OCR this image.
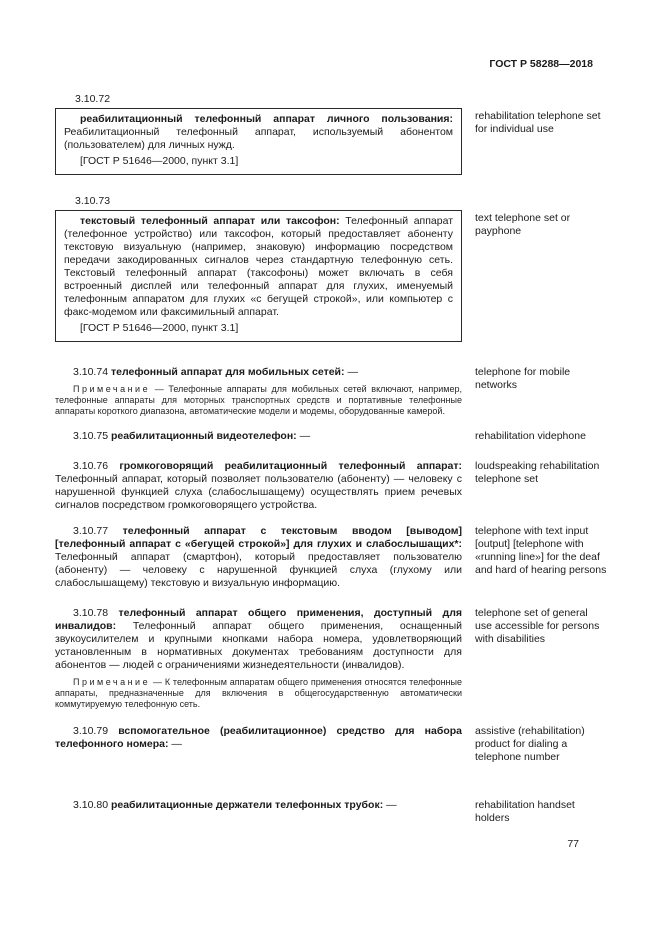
ГОСТ Р 58288—2018
3.10.72

реабилитационный телефонный аппарат личного пользования: Реабилитационный телефонный аппарат, используемый абонентом (пользователем) для личных нужд.

[ГОСТ Р 51646—2000, пункт 3.1]

rehabilitation telephone set for individual use
3.10.73

текстовый телефонный аппарат или таксофон: Телефонный аппарат (телефонное устройство) или таксофон, который предоставляет абоненту текстовую визуальную (например, знаковую) информацию посредством передачи закодированных сигналов через стандартную телефонную сеть. Текстовый телефонный аппарат (таксофоны) может включать в себя встроенный дисплей или телефонный аппарат для глухих, именуемый телефонным аппаратом для глухих «с бегущей строкой», или компьютер с факс-модемом или факсимильный аппарат.

[ГОСТ Р 51646—2000, пункт 3.1]

text telephone set or payphone

3.10.74 телефонный аппарат для мобильных сетей: —

Примечание — Телефонные аппараты для мобильных сетей включают, например, телефонные аппараты для моторных транспортных средств и портативные телефонные аппараты короткого диапазона, автоматические модели и модемы, оборудованные камерой.

telephone for mobile networks

3.10.75 реабилитационный видеотелефон: —	rehabilitation videphone

3.10.76 громкоговорящий реабилитационный телефонный аппарат: Телефонный аппарат, который позволяет пользователю (абоненту) — человеку с нарушенной функцией слуха (слабослышащему) осуществлять прием речевых сигналов посредством громкоговорящего устройства.

loudspeaking rehabilitation telephone set

3.10.77 телефонный аппарат с текстовым вводом [выводом] [телефонный аппарат с «бегущей строкой»] для глухих и слабослышащих*: Телефонный аппарат (смартфон), который предоставляет пользователю (абоненту) — человеку с нарушенной функцией слуха (глухому или слабослышащему) текстовую и визуальную информацию.

telephone with text input [output] [telephone with «running line»] for the deaf and hard of hearing persons

3.10.78 телефонный аппарат общего применения, доступный для инвалидов: Телефонный аппарат общего применения, оснащенный звукоусилителем и крупными кнопками набора номера, удовлетворяющий установленным в нормативных документах требованиям доступности для абонентов — людей с ограничениями жизнедеятельности (инвалидов).

Примечание — К телефонным аппаратам общего применения относятся телефонные аппараты, предназначенные для включения в общегосударственную автоматически коммутируемую телефонную сеть.

telephone set of general use accessible for persons with disabilities

3.10.79 вспомогательное (реабилитационное) средство для набора телефонного номера: —

assistive (rehabilitation) product for dialing a telephone number

3.10.80 реабилитационные держатели телефонных трубок: —	rehabilitation handset holders
77
